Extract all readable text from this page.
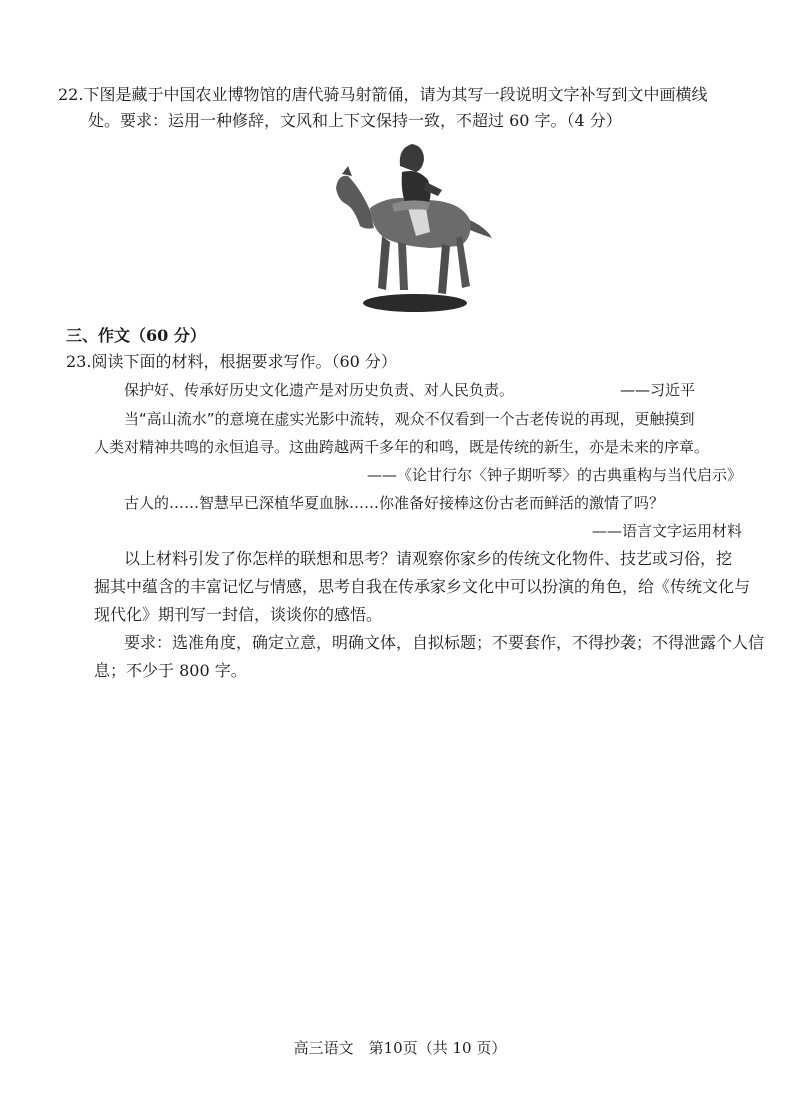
22.下图是藏于中国农业博物馆的唐代骑马射箭俑，请为其写一段说明文字补写到文中画横线
处。要求：运用一种修辞，文风和上下文保持一致，不超过 60 字。（4 分）
三、作文（60 分）
23.阅读下面的材料，根据要求写作。（60 分）
保护好、传承好历史文化遗产是对历史负责、对人民负责。	——习近平
当“高山流水”的意境在虚实光影中流转，观众不仅看到一个古老传说的再现，更触摸到
人类对精神共鸣的永恒追寻。这曲跨越两千多年的和鸣，既是传统的新生，亦是未来的序章。
——《论甘行尔〈钟子期听琴〉的古典重构与当代启示》
古人的……智慧早已深植华夏血脉……你准备好接棒这份古老而鲜活的激情了吗？
——语言文字运用材料
以上材料引发了你怎样的联想和思考？请观察你家乡的传统文化物件、技艺或习俗，挖
掘其中蕴含的丰富记忆与情感，思考自我在传承家乡文化中可以扮演的角色，给《传统文化与
现代化》期刊写一封信，谈谈你的感悟。
要求：选准角度，确定立意，明确文体，自拟标题；不要套作，不得抄袭；不得泄露个人信
息；不少于 800 字。
高三语文　第10页（共 10 页）
